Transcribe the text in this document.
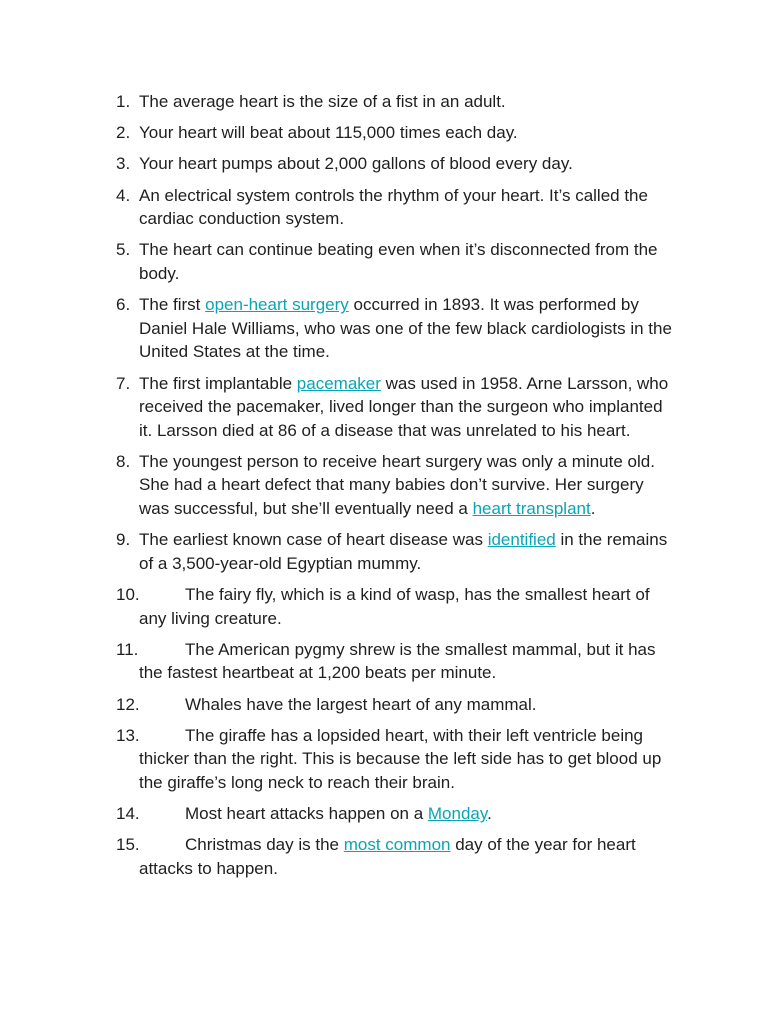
1. The average heart is the size of a fist in an adult.
2. Your heart will beat about 115,000 times each day.
3. Your heart pumps about 2,000 gallons of blood every day.
4. An electrical system controls the rhythm of your heart. It’s called the cardiac conduction system.
5. The heart can continue beating even when it’s disconnected from the body.
6. The first open-heart surgery occurred in 1893. It was performed by Daniel Hale Williams, who was one of the few black cardiologists in the United States at the time.
7. The first implantable pacemaker was used in 1958. Arne Larsson, who received the pacemaker, lived longer than the surgeon who implanted it. Larsson died at 86 of a disease that was unrelated to his heart.
8. The youngest person to receive heart surgery was only a minute old. She had a heart defect that many babies don’t survive. Her surgery was successful, but she’ll eventually need a heart transplant.
9. The earliest known case of heart disease was identified in the remains of a 3,500-year-old Egyptian mummy.
10.	The fairy fly, which is a kind of wasp, has the smallest heart of any living creature.
11.	The American pygmy shrew is the smallest mammal, but it has the fastest heartbeat at 1,200 beats per minute.
12.	Whales have the largest heart of any mammal.
13.	The giraffe has a lopsided heart, with their left ventricle being thicker than the right. This is because the left side has to get blood up the giraffe’s long neck to reach their brain.
14.	Most heart attacks happen on a Monday.
15.	Christmas day is the most common day of the year for heart attacks to happen.
